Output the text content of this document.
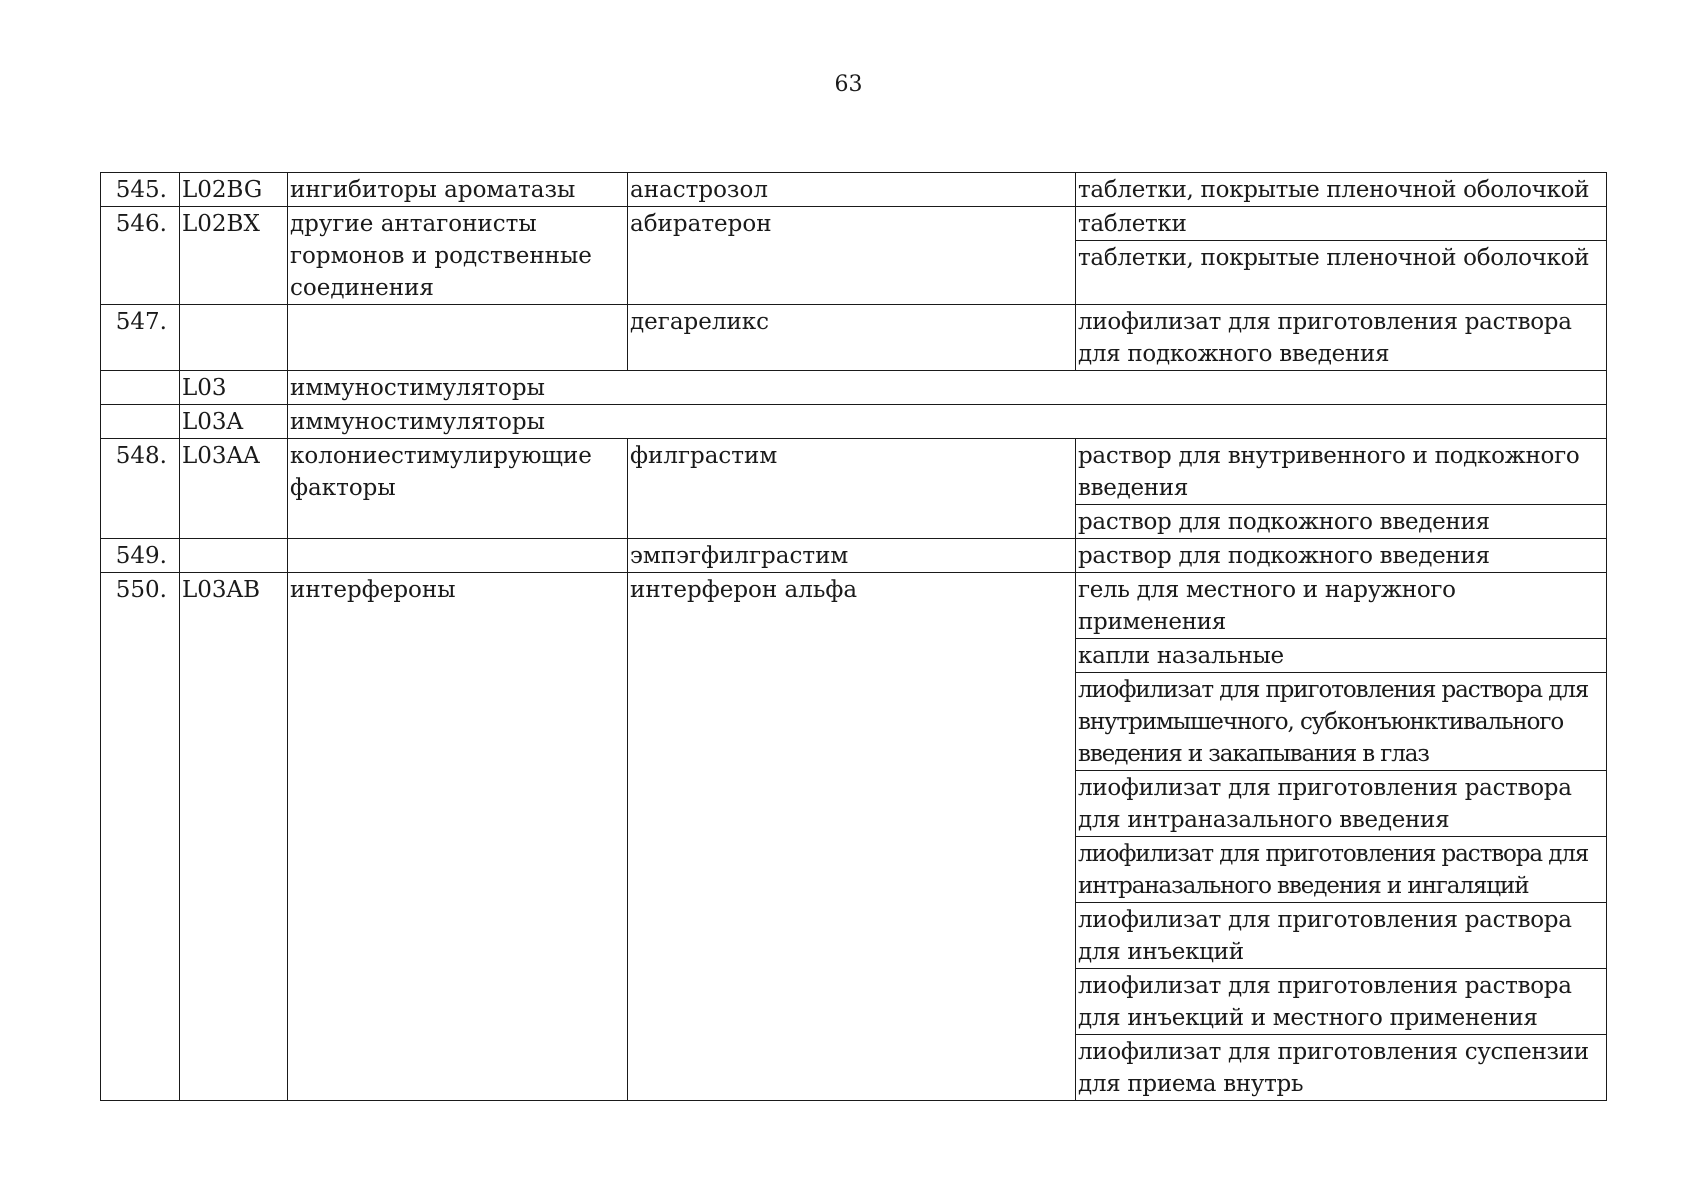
63
545.	L02BG	ингибиторы ароматазы	анастрозол	таблетки, покрытые пленочной оболочкой
546.	L02BX	другие антагонисты гормонов и родственные соединения	абиратерон	таблетки
				таблетки, покрытые пленочной оболочкой
547.			дегареликс	лиофилизат для приготовления раствора для подкожного введения
	L03	иммуностимуляторы		
	L03A	иммуностимуляторы		
548.	L03AA	колониестимулирующие факторы	филграстим	раствор для внутривенного и подкожного введения
				раствор для подкожного введения
549.			эмпэгфилграстим	раствор для подкожного введения
550.	L03AB	интерфероны	интерферон альфа	гель для местного и наружного применения
				капли назальные
				лиофилизат для приготовления раствора для внутримышечного, субконъюнктивального введения и закапывания в глаз
				лиофилизат для приготовления раствора для интраназального введения
				лиофилизат для приготовления раствора для интраназального введения и ингаляций
				лиофилизат для приготовления раствора для инъекций
				лиофилизат для приготовления раствора для инъекций и местного применения
				лиофилизат для приготовления суспензии для приема внутрь
